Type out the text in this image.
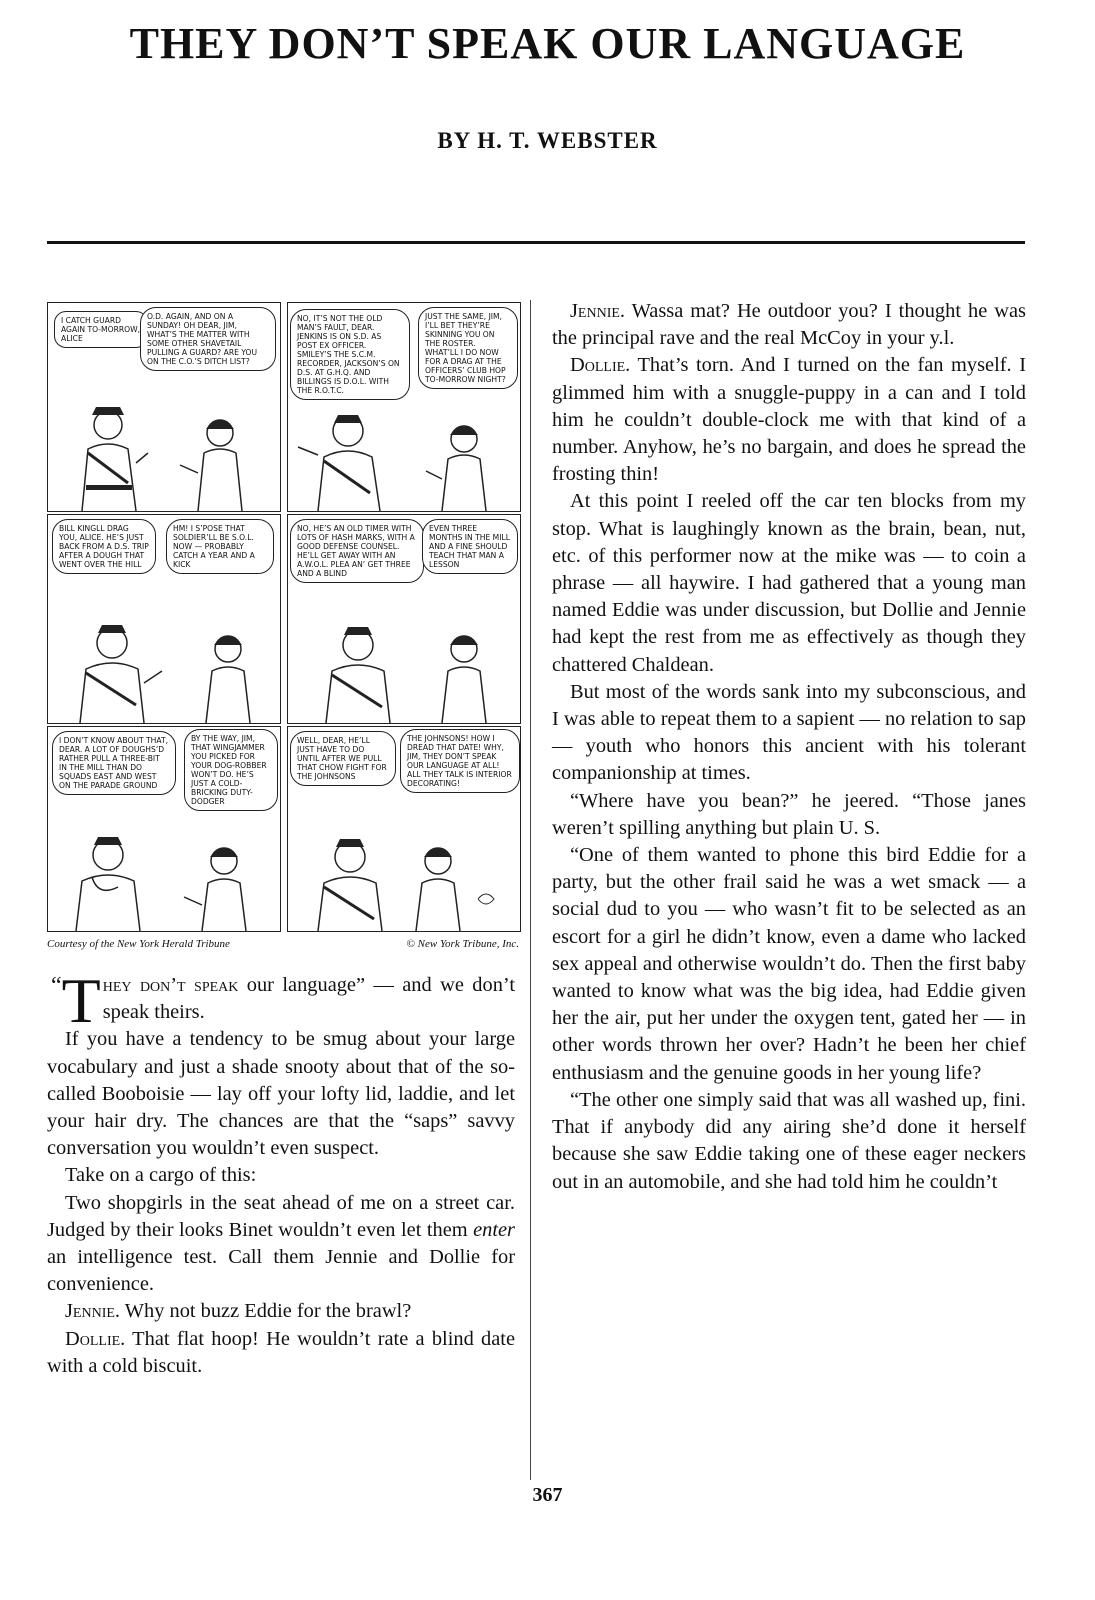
THEY DON’T SPEAK OUR LANGUAGE
BY H. T. WEBSTER
I CATCH GUARD AGAIN TO-MORROW, ALICE
O.D. AGAIN, AND ON A SUNDAY! OH DEAR, JIM, WHAT’S THE MATTER WITH SOME OTHER SHAVETAIL PULLING A GUARD? ARE YOU ON THE C.O.’S DITCH LIST?
NO, IT’S NOT THE OLD MAN’S FAULT, DEAR. JENKINS IS ON S.D. AS POST EX OFFICER. SMILEY’S THE S.C.M. RECORDER, JACKSON’S ON D.S. AT G.H.Q. AND BILLINGS IS D.O.L. WITH THE R.O.T.C.
JUST THE SAME, JIM, I’LL BET THEY’RE SKINNING YOU ON THE ROSTER. WHAT’LL I DO NOW FOR A DRAG AT THE OFFICERS’ CLUB HOP TO-MORROW NIGHT?
BILL KINGLL DRAG YOU, ALICE. HE’S JUST BACK FROM A D.S. TRIP AFTER A DOUGH THAT WENT OVER THE HILL
HM! I S’POSE THAT SOLDIER’LL BE S.O.L. NOW — PROBABLY CATCH A YEAR AND A KICK
NO, HE’S AN OLD TIMER WITH LOTS OF HASH MARKS, WITH A GOOD DEFENSE COUNSEL. HE’LL GET AWAY WITH AN A.W.O.L. PLEA AN’ GET THREE AND A BLIND
EVEN THREE MONTHS IN THE MILL AND A FINE SHOULD TEACH THAT MAN A LESSON
I DON’T KNOW ABOUT THAT, DEAR. A LOT OF DOUGHS’D RATHER PULL A THREE-BIT IN THE MILL THAN DO SQUADS EAST AND WEST ON THE PARADE GROUND
BY THE WAY, JIM, THAT WINGJAMMER YOU PICKED FOR YOUR DOG-ROBBER WON’T DO. HE’S JUST A COLD-BRICKING DUTY-DODGER
WELL, DEAR, HE’LL JUST HAVE TO DO UNTIL AFTER WE PULL THAT CHOW FIGHT FOR THE JOHNSONS
THE JOHNSONS! HOW I DREAD THAT DATE! WHY, JIM, THEY DON’T SPEAK OUR LANGUAGE AT ALL! ALL THEY TALK IS INTERIOR DECORATING!
Courtesy of the New York Herald Tribune	© New York Tribune, Inc.

“ T hey don’t speak our language” — and we don’t speak theirs.

If you have a tendency to be smug about your large vocabulary and just a shade snooty about that of the so-called Booboisie — lay off your lofty lid, laddie, and let your hair dry. The chances are that the “saps” savvy conversation you wouldn’t even suspect.

Take on a cargo of this:

Two shopgirls in the seat ahead of me on a street car. Judged by their looks Binet wouldn’t even let them enter an intelligence test. Call them Jennie and Dollie for convenience.

Jennie. Why not buzz Eddie for the brawl?

Dollie. That flat hoop! He wouldn’t rate a blind date with a cold biscuit.

Jennie. Wassa mat? He outdoor you? I thought he was the principal rave and the real McCoy in your y.l.

Dollie. That’s torn. And I turned on the fan myself. I glimmed him with a snuggle-puppy in a can and I told him he couldn’t double-clock me with that kind of a number. Anyhow, he’s no bargain, and does he spread the frosting thin!

At this point I reeled off the car ten blocks from my stop. What is laughingly known as the brain, bean, nut, etc. of this performer now at the mike was — to coin a phrase — all haywire. I had gathered that a young man named Eddie was under discussion, but Dollie and Jennie had kept the rest from me as effectively as though they chattered Chaldean.

But most of the words sank into my subconscious, and I was able to repeat them to a sapient — no relation to sap — youth who honors this ancient with his tolerant companionship at times.

“Where have you bean?” he jeered. “Those janes weren’t spilling anything but plain U. S.

“One of them wanted to phone this bird Eddie for a party, but the other frail said he was a wet smack — a social dud to you — who wasn’t fit to be selected as an escort for a girl he didn’t know, even a dame who lacked sex appeal and otherwise wouldn’t do. Then the first baby wanted to know what was the big idea, had Eddie given her the air, put her under the oxygen tent, gated her — in other words thrown her over? Hadn’t he been her chief enthusiasm and the genuine goods in her young life?

“The other one simply said that was all washed up, fini. That if anybody did any airing she’d done it herself because she saw Eddie taking one of these eager neckers out in an automobile, and she had told him he couldn’t

367
